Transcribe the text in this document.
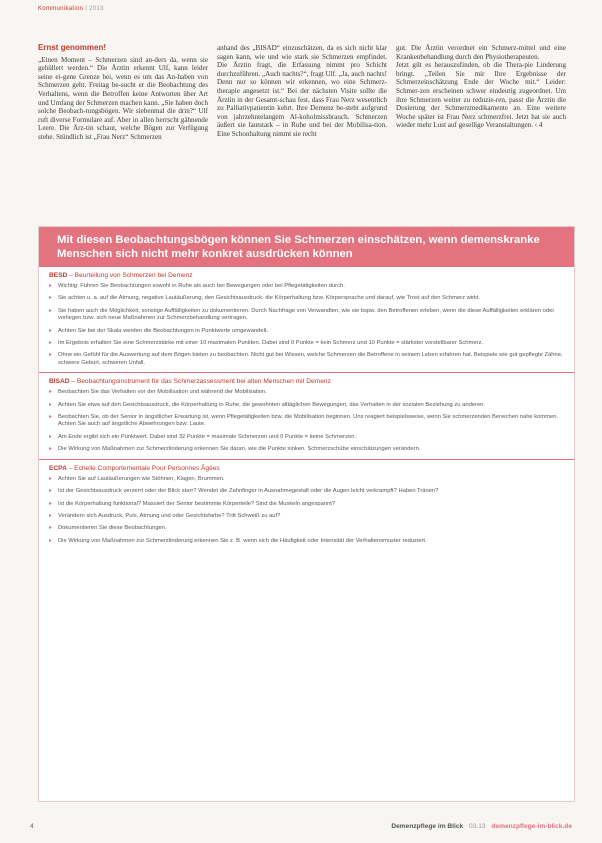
Kommunikation I 2013
Ernst genommen!

„Einen Moment – Schmerzen sind an-ders da, wenn sie gehüllert werden.“ Die Ärztin erkennt Ulf, kann leider seine ei-gene Grenze bei, wenn es um das An-haben von Schmerzen geht. Freitag be-sucht er die Beobachtung des Verhaltens, wenn die Betroffen keine Antworten über Art und Umfang der Schmerzen machen kann. „Sie haben doch solche Beobach-tungsbögen. Wir siebenmal die drin?“ Ulf ruft diverse Formulare auf. Aber in allen herrscht gähnende Leere. Die Ärz-tin schaut, welche Bögen zur Verfügung stehe. Stündlich ist „Frau Nerz“ Schmerzen

anhand des „BISAD“ einzuschätzen, da es sich nicht klar sagen kann, wie und wie stark sie Schmerzen empfindet. Die Ärztin fragt, die Erfassung nimmt pro Schicht durchzuführen. „Auch nachts?“, fragt Ulf. „Ja, auch nachts! Denn nur so können wir erkennen, wo eine Schmerz-therapie angesetzt ist.“ Bei der nächsten Visite sollte die Ärztin in der Gesamt-schau fest, dass Frau Nerz wesentlich zu Palliativpatientin kehrt. Ihre Demenz be-steht aufgrund von jahrzehntelangem Al-koholmissbrauch. Schmerzen äußert sie lautstark – in Ruhe und bei der Mobilisa-tion. Eine Schonhaltung nimmt sie recht

gut. Die Ärztin verordnet ein Schmerz-mittel und eine Krankenbehandlung durch den Physiotherapeuten.
Jetzt gilt es herauszufinden, ob die Thera-pie Linderung bringt. „Teilen Sie mir Ihre Ergebnisse der Schmerzeinschätzung Ende der Woche mit.“ Leider: Schmer-zen erscheinen schwer eindeutig zugeordnet. Um ihre Schmerzen weiter zu reduzie-ren, passt die Ärztin die Dosierung der Schmerzmedikamente an. Eine weitere Woche später ist Frau Nerz schmerzfrei. Jetzt hat sie auch wieder mehr Lust auf gesellige Veranstaltungen. ‹ 4

Mit diesen Beobachtungsbögen können Sie Schmerzen einschätzen, wenn demenskranke Menschen sich nicht mehr konkret ausdrücken können
BESD – Beurteilung von Schmerzen bei Demenz
▸ Wichtig: Führen Sie Beobachtungen sowohl in Ruhe als auch bei Bewegungen oder bei Pflegetätigkeiten durch.
▸ Sie achten u. a. auf die Atmung, negative Lautäußerung, den Gesichtsausdruck, die Körperhaltung bzw. Körpersprache und darauf, wie Trost auf den Schmerz wirkt.
▸ Sie haben auch die Möglichkeit, sonstige Auffälligkeiten zu dokumentieren. Durch Nachfrage von Verwandten, wie sie bspw. den Betroffenen erleben, wenn die diese Auffälligkeiten erklären oder vorliegen bzw. sich neue Maßnahmen zur Schmerzbehandlung vertragen.
▸ Achten Sie bei der Skala werden die Beobachtungen in Punktwerte umgewandelt.
▸ Im Ergebnis erhalten Sie eine Schmerzstärke mit einer 10 maximalen Punkten. Dabei sind 0 Punkte = kein Schmerz und 10 Punkte = stärkster vorstellbarer Schmerz.
▸ Ohne ein Gefühl für die Auswertung auf dem Bögen bieten zu beobachten. Nicht gut bei Wissen, welche Schmerzen die Betroffene in seinem Leben erfahren hat. Beispiele wie gut gepflegte Zähne, schwere Geburt, schweren Unfall.
BISAD – Beobachtungsinstrument für das Schmerzassessment bei alten Menschen mit Demenz
▸ Beobachten Sie das Verhalten vor der Mobilisation und während der Mobilisation.
▸ Achten Sie etwa auf den Gesichtsausdruck, die Körperhaltung in Ruhe, die gewohnten alltäglichen Bewegungen, das Verhalten in der sozialen Beziehung zu anderen.
▸ Beobachten Sie, ob der Senior in ängstlicher Erwartung ist, wenn Pflegetätigkeiten bzw. die Mobilisation beginnen. Uns reagiert beispielsweise, wenn Sie schmerzenden Bereichen nahe kommen. Achten Sie auch auf ängstliche Abwehrungen bzw. Laute.
▸ Am Ende ergibt sich ein Punktwert. Dabei sind 32 Punkte = maximale Schmerzen und 0 Punkte = keine Schmerzen.
▸ Die Wirkung von Maßnahmen zur Schmerzlinderung erkennen Sie daran, wie die Punkte sinken. Schmerzschübe einschätzungen verändern.
ECPA – Echelle Comportementale Pour Personnes Âgées
▸ Achten Sie auf Lautäußerungen wie Stöhnen, Klagen, Brummen.
▸ Ist der Gesichtsausdruck verzerrt oder der Blick starr? Wendet die Zahnfinger in Ausnahmegestalt oder die Augen leicht verkrampft? Haben Tränen?
▸ Ist die Körperhaltung funktional? Massiert der Senior bestimmte Körperteile? Sind die Muskeln angespannt?
▸ Verändern sich Ausdruck, Puls, Atmung und oder Gesichtsfarbe? Tritt Schweiß zu auf?
▸ Dokumentieren Sie diese Beobachtungen.
▸ Die Wirkung von Maßnahmen zur Schmerzlinderung erkennen Sie z. B. wenn sich die Häufigkeit oder Intensität der Verhaltensmuster reduziert.
4	Demenzpflege im Blick 03.13 demenzpflege-im-blick.de
